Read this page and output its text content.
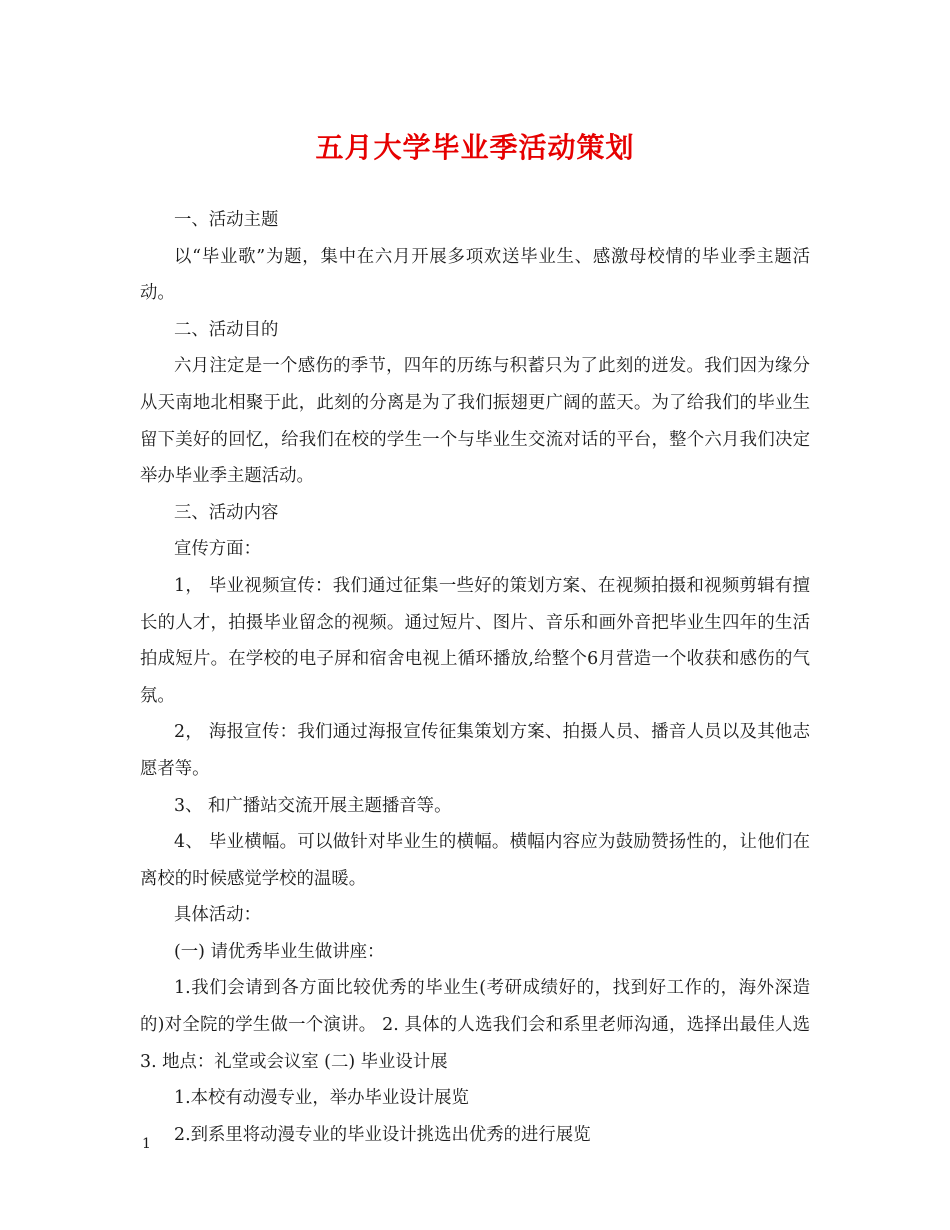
五月大学毕业季活动策划

一、活动主题

以“毕业歌”为题，集中在六月开展多项欢送毕业生、感激母校情的毕业季主题活动。

二、活动目的

六月注定是一个感伤的季节，四年的历练与积蓄只为了此刻的迸发。我们因为缘分从天南地北相聚于此，此刻的分离是为了我们振翅更广阔的蓝天。为了给我们的毕业生留下美好的回忆，给我们在校的学生一个与毕业生交流对话的平台，整个六月我们决定举办毕业季主题活动。

三、活动内容

宣传方面：

1， 毕业视频宣传：我们通过征集一些好的策划方案、在视频拍摄和视频剪辑有擅长的人才，拍摄毕业留念的视频。通过短片、图片、音乐和画外音把毕业生四年的生活拍成短片。在学校的电子屏和宿舍电视上循环播放,给整个6月营造一个收获和感伤的气氛。

2， 海报宣传：我们通过海报宣传征集策划方案、拍摄人员、播音人员以及其他志愿者等。

3、 和广播站交流开展主题播音等。

4、 毕业横幅。可以做针对毕业生的横幅。横幅内容应为鼓励赞扬性的，让他们在离校的时候感觉学校的温暖。

具体活动：

(一) 请优秀毕业生做讲座：

1.我们会请到各方面比较优秀的毕业生(考研成绩好的，找到好工作的，海外深造的)对全院的学生做一个演讲。 2. 具体的人选我们会和系里老师沟通，选择出最佳人选 3. 地点：礼堂或会议室 (二) 毕业设计展

1.本校有动漫专业，举办毕业设计展览

2.到系里将动漫专业的毕业设计挑选出优秀的进行展览

1
